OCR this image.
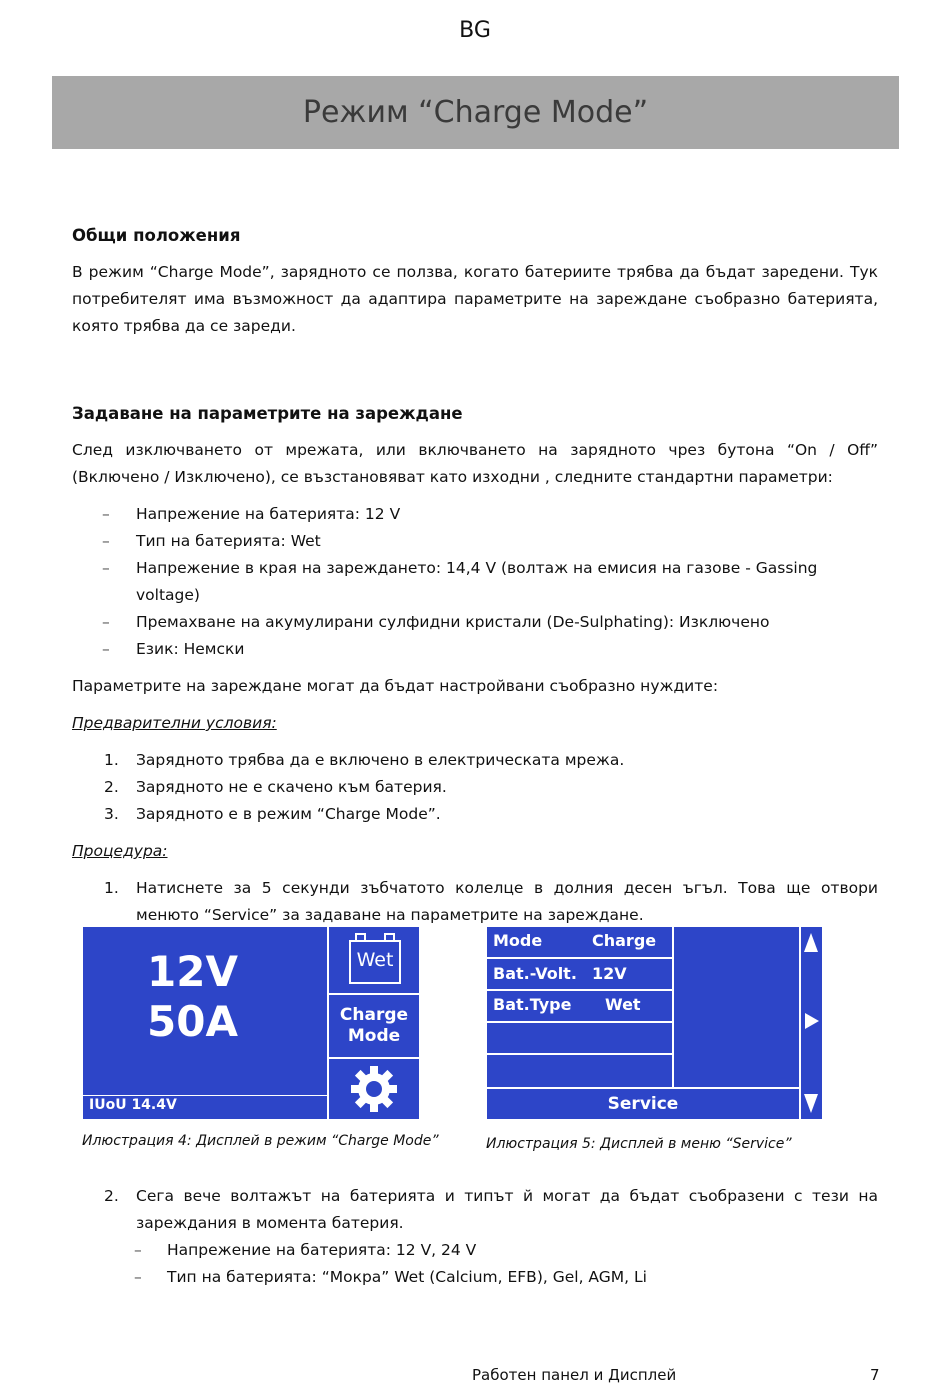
BG
Режим “Charge Mode”
Общи положения

В режим “Charge Mode”, зарядното се ползва, когато батериите трябва да бъдат заредени. Тук потребителят има възможност да адаптира параметрите на зареждане съобразно батерията, която трябва да се зареди.

Задаване на параметрите на зареждане

След изключването от мрежата, или включването на зарядното чрез бутона “On / Off” (Включено / Изключено), се възстановяват като изходни , следните стандартни параметри:

– Напрежение на батерията: 12 V
– Тип на батерията: Wet
– Напрежение в края на зареждането: 14,4 V (волтаж на емисия на газове - Gassing voltage)
– Премахване на акумулирани сулфидни кристали (De-Sulphating): Изключено
– Език: Немски

Параметрите на зареждане могат да бъдат настройвани съобразно нуждите:

Предварителни условия:

1. Зарядното трябва да е включено в електрическата мрежа.
2. Зарядното не е скачено към батерия.
3. Зарядното е в режим “Charge Mode”.

Процедура:

1. Натиснете за 5 секунди зъбчатото колелце в долния десен ъгъл. Това ще отвори менюто “Service” за задаване на параметрите на зареждане.
12V
50A
IUoU 14.4V
Wet
Charge
Mode
Илюстрация 4: Дисплей в режим “Charge Mode”
Mode	Charge
Bat.-Volt. 12V
Bat.Type Wet
Service
Илюстрация 5: Дисплей в меню “Service”
2. Сега вече волтажът на батерията и типът й могат да бъдат съобразени с тези на зареждания в момента батерия.
– Напрежение на батерията: 12 V, 24 V
– Тип на батерията: “Мокра” Wet (Calcium, EFB), Gel, AGM, Li
Работен панел и Дисплей	7
